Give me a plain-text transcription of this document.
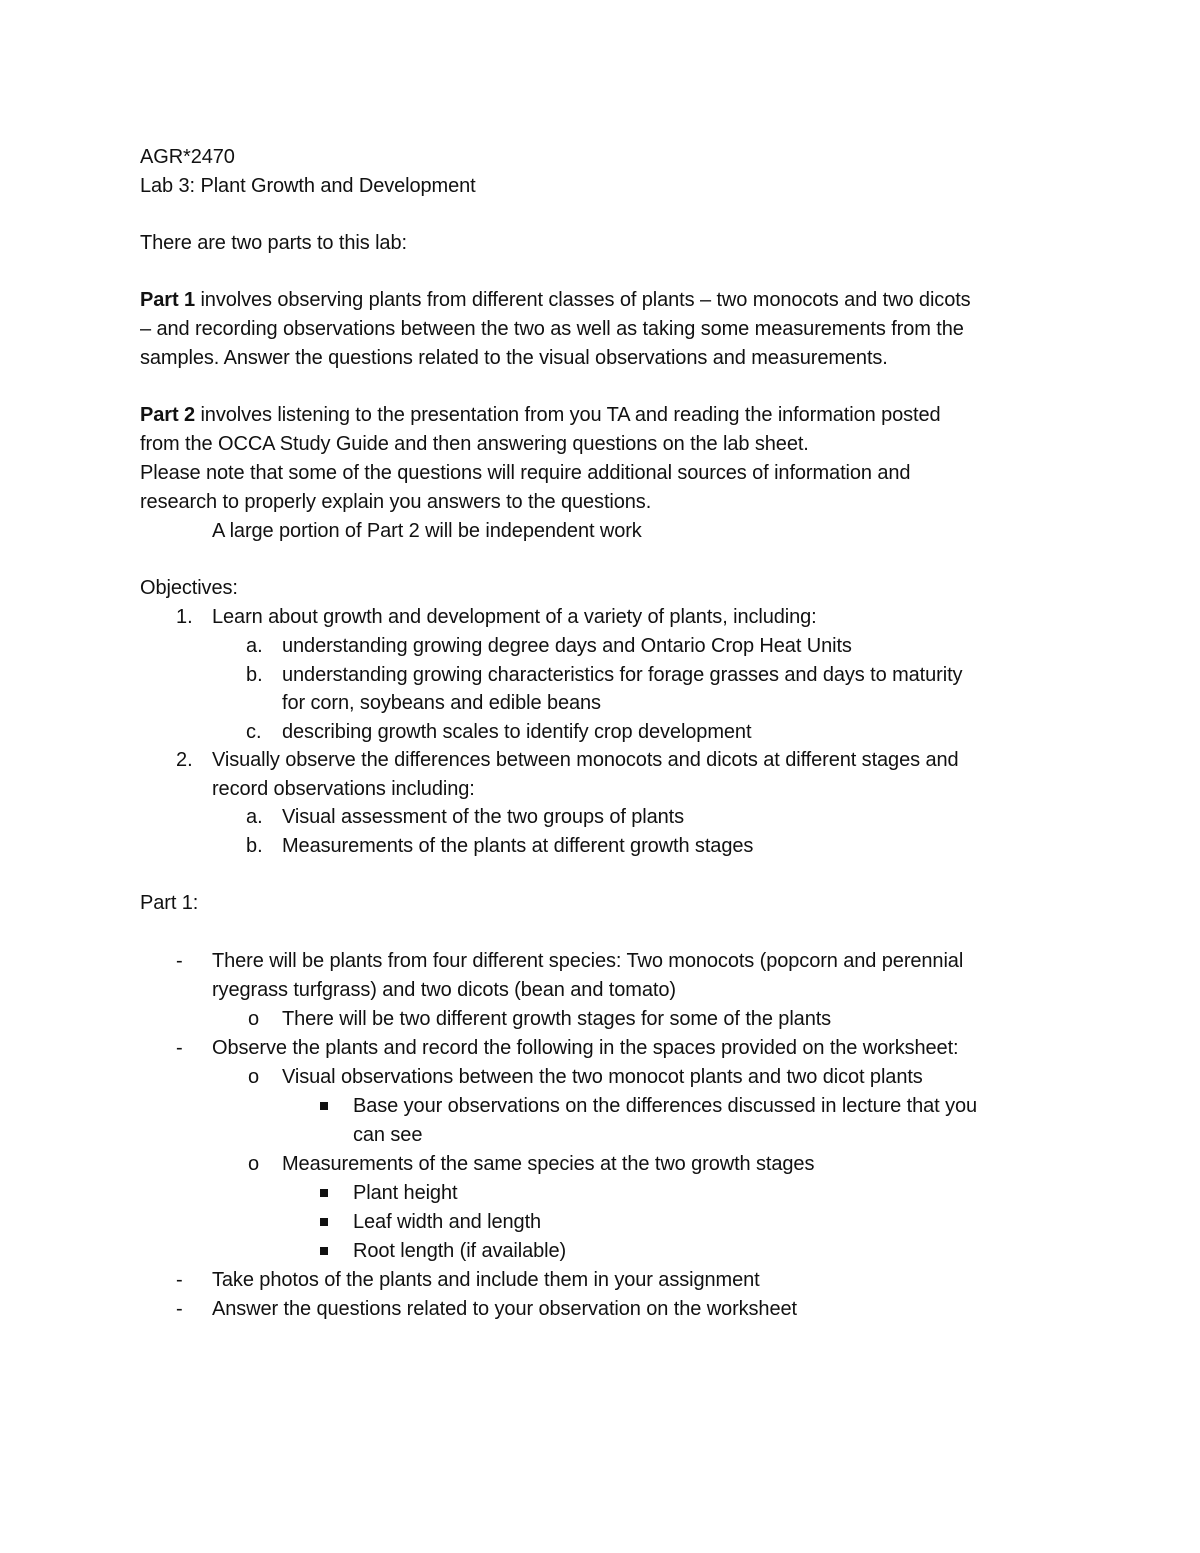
AGR*2470
Lab 3: Plant Growth and Development
There are two parts to this lab:
Part 1 involves observing plants from different classes of plants – two monocots and two dicots
– and recording observations between the two as well as taking some measurements from the
samples. Answer the questions related to the visual observations and measurements.
Part 2 involves listening to the presentation from you TA and reading the information posted
from the OCCA Study Guide and then answering questions on the lab sheet.
Please note that some of the questions will require additional sources of information and
research to properly explain you answers to the questions.
A large portion of Part 2 will be independent work
Objectives:
1. Learn about growth and development of a variety of plants, including:
a. understanding growing degree days and Ontario Crop Heat Units
b. understanding growing characteristics for forage grasses and days to maturity
for corn, soybeans and edible beans
c. describing growth scales to identify crop development
2. Visually observe the differences between monocots and dicots at different stages and
record observations including:
a. Visual assessment of the two groups of plants
b. Measurements of the plants at different growth stages
Part 1:
- There will be plants from four different species: Two monocots (popcorn and perennial
ryegrass turfgrass) and two dicots (bean and tomato)
o There will be two different growth stages for some of the plants
- Observe the plants and record the following in the spaces provided on the worksheet:
o Visual observations between the two monocot plants and two dicot plants
Base your observations on the differences discussed in lecture that you
can see
o Measurements of the same species at the two growth stages
Plant height
Leaf width and length
Root length (if available)
- Take photos of the plants and include them in your assignment
- Answer the questions related to your observation on the worksheet
